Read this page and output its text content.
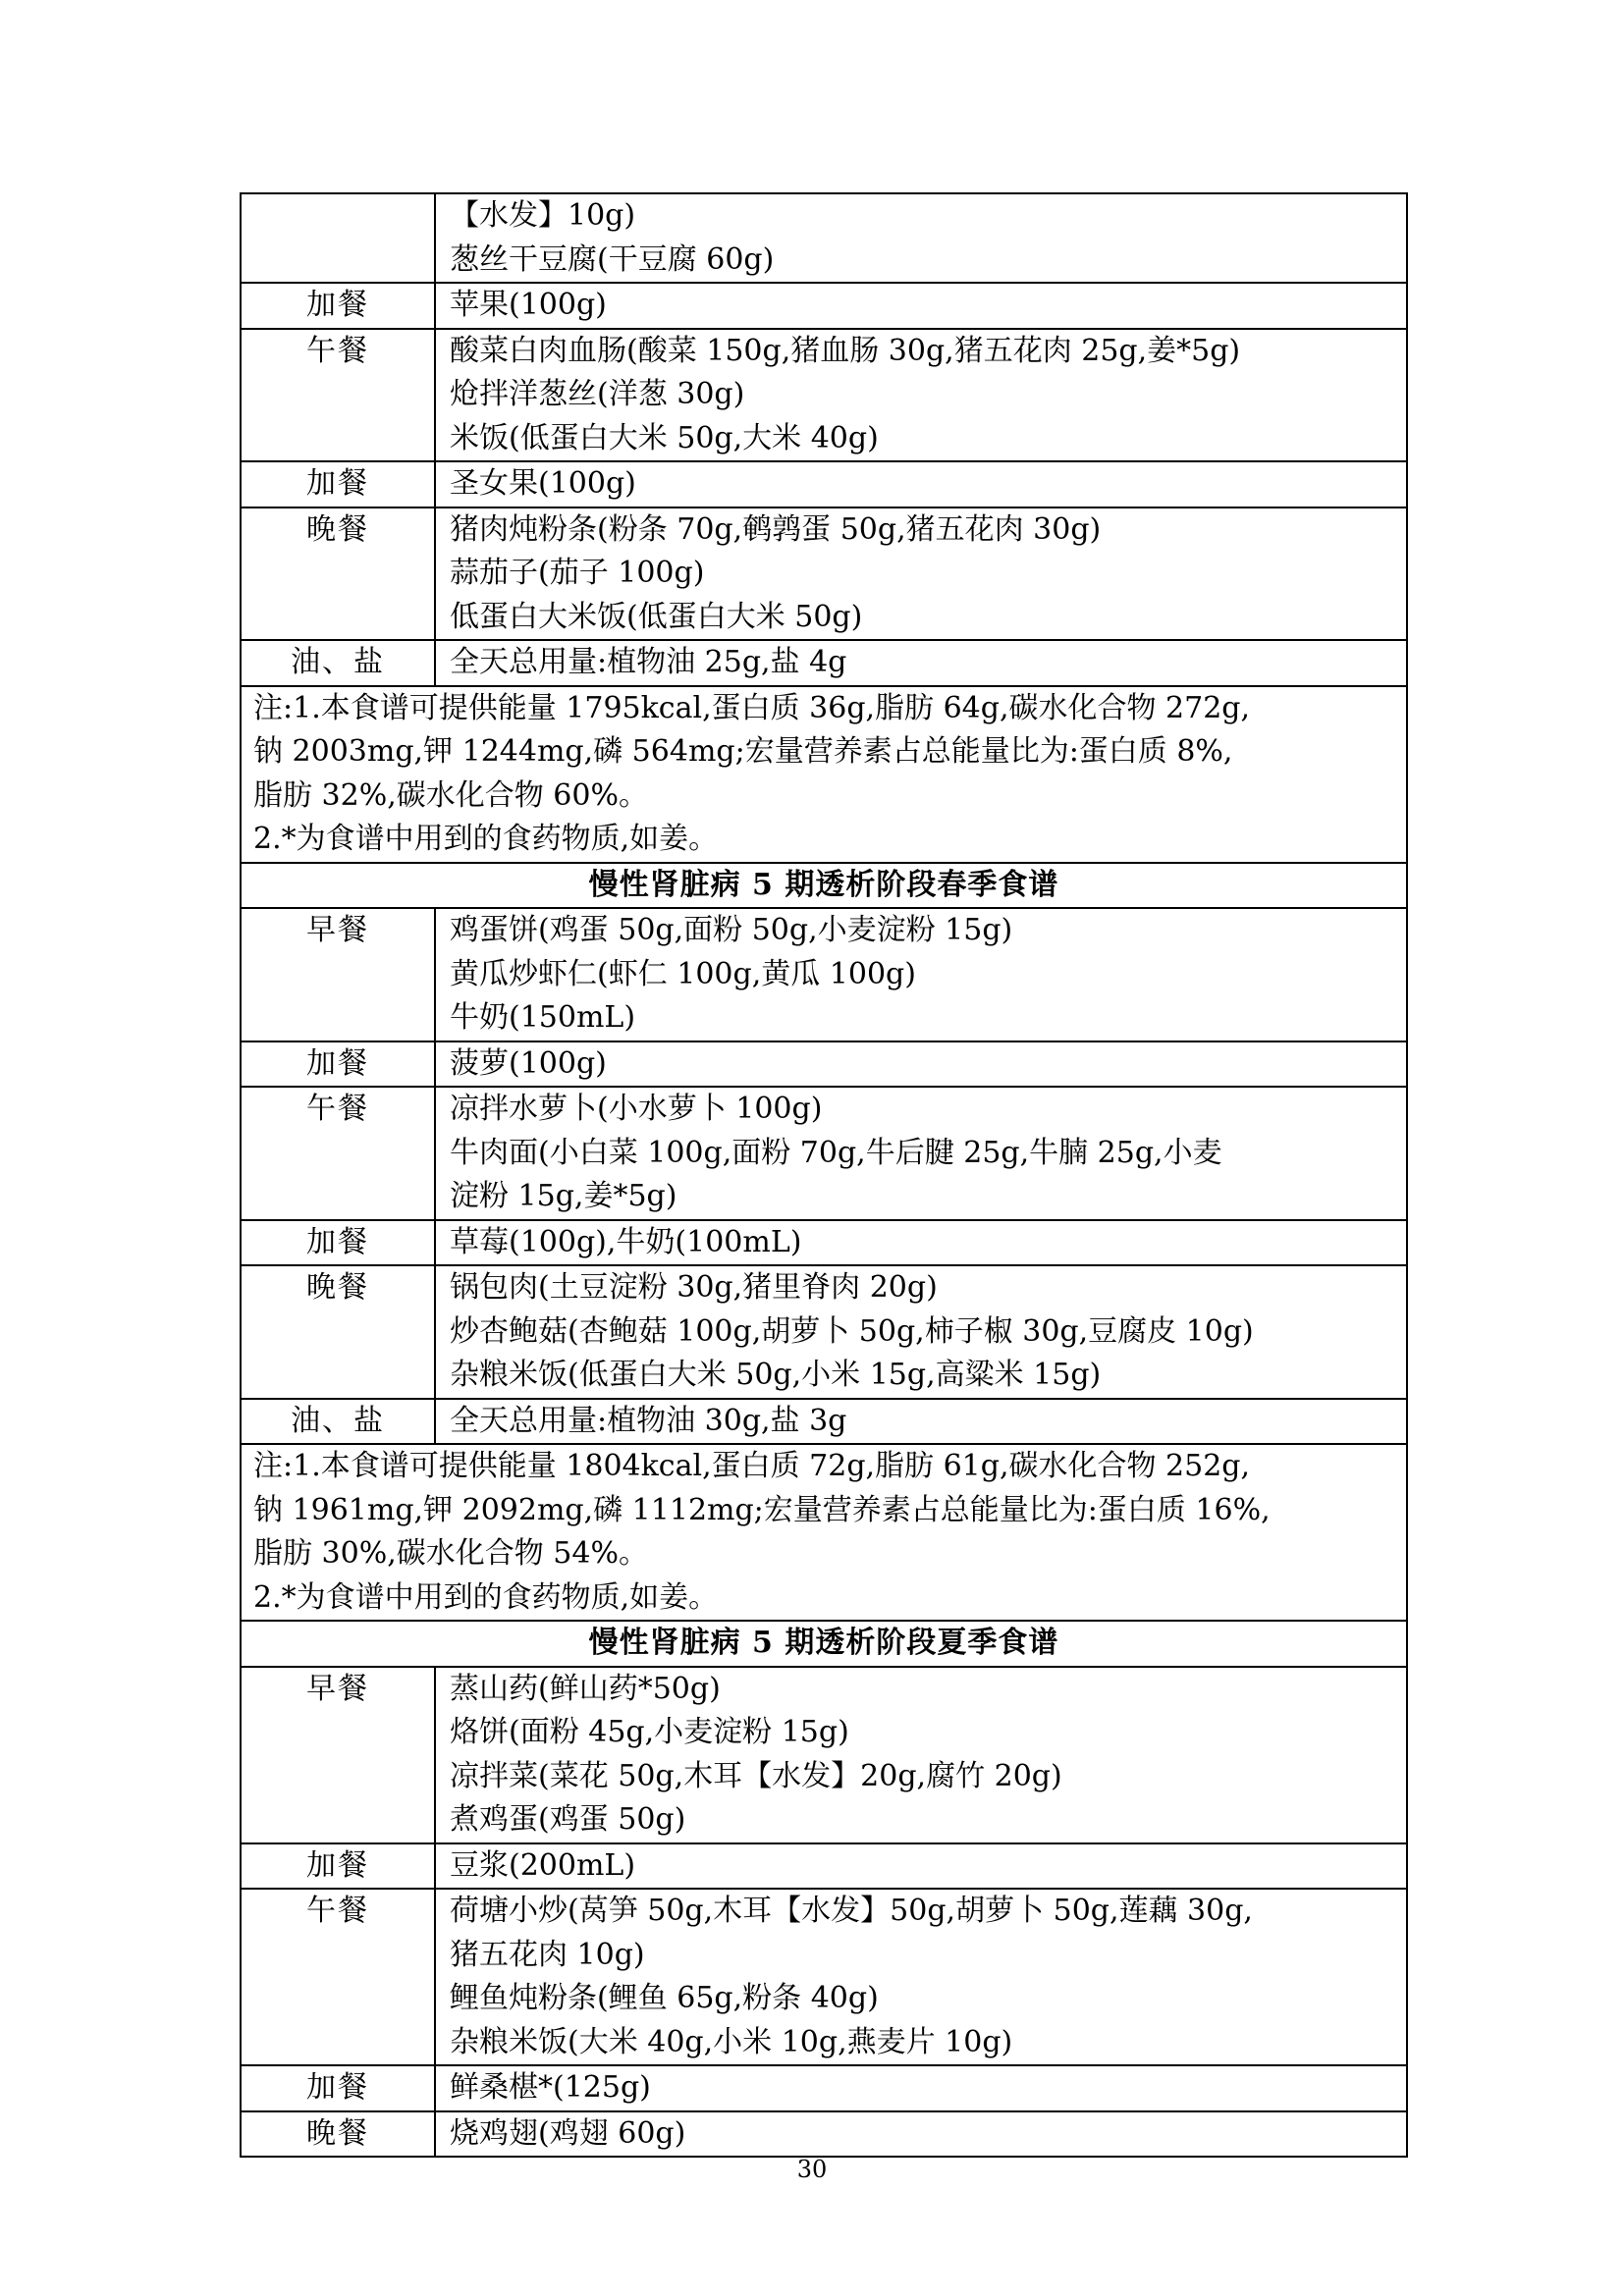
	【水发】10g)
葱丝干豆腐(干豆腐 60g)

加餐	苹果(100g)

午餐	酸菜白肉血肠(酸菜 150g,猪血肠 30g,猪五花肉 25g,姜*5g)
炝拌洋葱丝(洋葱 30g)
米饭(低蛋白大米 50g,大米 40g)

加餐	圣女果(100g)

晚餐	猪肉炖粉条(粉条 70g,鹌鹑蛋 50g,猪五花肉 30g)
蒜茄子(茄子 100g)
低蛋白大米饭(低蛋白大米 50g)

油、盐	全天总用量:植物油 25g,盐 4g

注:1.本食谱可提供能量 1795kcal,蛋白质 36g,脂肪 64g,碳水化合物 272g,
钠 2003mg,钾 1244mg,磷 564mg;宏量营养素占总能量比为:蛋白质 8%,
脂肪 32%,碳水化合物 60%。
2.*为食谱中用到的食药物质,如姜。	

慢性肾脏病 5 期透析阶段春季食谱	
早餐	鸡蛋饼(鸡蛋 50g,面粉 50g,小麦淀粉 15g)
黄瓜炒虾仁(虾仁 100g,黄瓜 100g)
牛奶(150mL)

加餐	菠萝(100g)

午餐	凉拌水萝卜(小水萝卜 100g)
牛肉面(小白菜 100g,面粉 70g,牛后腱 25g,牛腩 25g,小麦
淀粉 15g,姜*5g)

加餐	草莓(100g),牛奶(100mL)

晚餐	锅包肉(土豆淀粉 30g,猪里脊肉 20g)
炒杏鲍菇(杏鲍菇 100g,胡萝卜 50g,柿子椒 30g,豆腐皮 10g)
杂粮米饭(低蛋白大米 50g,小米 15g,高粱米 15g)

油、盐	全天总用量:植物油 30g,盐 3g

注:1.本食谱可提供能量 1804kcal,蛋白质 72g,脂肪 61g,碳水化合物 252g,
钠 1961mg,钾 2092mg,磷 1112mg;宏量营养素占总能量比为:蛋白质 16%,
脂肪 30%,碳水化合物 54%。
2.*为食谱中用到的食药物质,如姜。	

慢性肾脏病 5 期透析阶段夏季食谱	
早餐	蒸山药(鲜山药*50g)
烙饼(面粉 45g,小麦淀粉 15g)
凉拌菜(菜花 50g,木耳【水发】20g,腐竹 20g)
煮鸡蛋(鸡蛋 50g)

加餐	豆浆(200mL)

午餐	荷塘小炒(莴笋 50g,木耳【水发】50g,胡萝卜 50g,莲藕 30g,
猪五花肉 10g)
鲤鱼炖粉条(鲤鱼 65g,粉条 40g)
杂粮米饭(大米 40g,小米 10g,燕麦片 10g)

加餐	鲜桑椹*(125g)

晚餐	烧鸡翅(鸡翅 60g)
30
